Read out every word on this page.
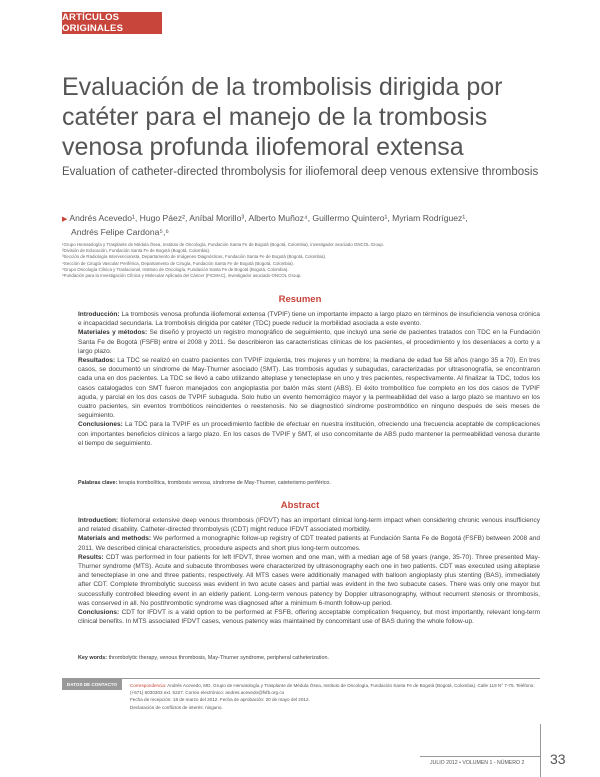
ARTÍCULOS ORIGINALES
Evaluación de la trombolisis dirigida por catéter para el manejo de la trombosis venosa profunda iliofemoral extensa
Evaluation of catheter-directed thrombolysis for iliofemoral deep venous extensive thrombosis
▶ Andrés Acevedo¹, Hugo Páez², Aníbal Morillo³, Alberto Muñoz⁴, Guillermo Quintero¹, Myriam Rodríguez¹,
Andrés Felipe Cardona⁵,⁶
¹Grupo Hematología y Trasplante de Médula Ósea, Instituto de Oncología, Fundación Santa Fe de Bogotá (Bogotá, Colombia), investigador asociado ONCOL Group.
²División de Educación, Fundación Santa Fe de Bogotá (Bogotá, Colombia).
³Sección de Radiología Intervencionista, Departamento de Imágenes Diagnósticas, Fundación Santa Fe de Bogotá (Bogotá, Colombia).
⁴Sección de Cirugía Vascular Periférica, Departamento de Cirugía, Fundación Santa Fe de Bogotá (Bogotá, Colombia).
⁵Grupo Oncología Clínica y Traslacional, Instituto de Oncología, Fundación Santa Fe de Bogotá (Bogotá, Colombia).
⁶Fundación para la Investigación Clínica y Molecular Aplicada del Cáncer (FICMAC), investigador asociado ONCOL Group.
Resumen

Introducción: La trombosis venosa profunda iliofemoral extensa (TVPIF) tiene un importante impacto a largo plazo en términos de insuficiencia venosa crónica e incapacidad secundaria. La trombolisis dirigida por catéter (TDC) puede reducir la morbilidad asociada a este evento.

Materiales y métodos: Se diseñó y proyectó un registro monográfico de seguimiento, que incluyó una serie de pacientes tratados con TDC en la Fundación Santa Fe de Bogotá (FSFB) entre el 2008 y 2011. Se describieron las características clínicas de los pacientes, el procedimiento y los desenlaces a corto y a largo plazo.

Resultados: La TDC se realizó en cuatro pacientes con TVPIF izquierda, tres mujeres y un hombre; la mediana de edad fue 58 años (rango 35 a 70). En tres casos, se documentó un síndrome de May-Thurner asociado (SMT). Las trombosis agudas y subagudas, caracterizadas por ultrasonografía, se encontraron cada una en dos pacientes. La TDC se llevó a cabo utilizando alteplase y tenecteplase en uno y tres pacientes, respectivamente. Al finalizar la TDC, todos los casos catalogados con SMT fueron manejados con angioplastia por balón más stent (ABS). El éxito trombolítico fue completo en los dos casos de TVPIF aguda, y parcial en los dos casos de TVPIF subaguda. Solo hubo un evento hemorrágico mayor y la permeabilidad del vaso a largo plazo se mantuvo en los cuatro pacientes, sin eventos trombóticos reincidentes o reestenosis. No se diagnosticó síndrome postrombótico en ninguno después de seis meses de seguimiento.

Conclusiones: La TDC para la TVPIF es un procedimiento factible de efectuar en nuestra institución, ofreciendo una frecuencia aceptable de complicaciones con importantes beneficios clínicos a largo plazo. En los casos de TVPIF y SMT, el uso concomitante de ABS pudo mantener la permeabilidad venosa durante el tiempo de seguimiento.

Palabras clave: terapia trombolítica, trombosis venosa, síndrome de May-Thurner, cateterismo periférico.
Abstract

Introduction: Iliofemoral extensive deep venous thrombosis (IFDVT) has an important clinical long-term impact when considering chronic venous insufficiency and related disability. Catheter-directed thrombolysis (CDT) might reduce IFDVT associated morbidity.

Materials and methods: We performed a monographic follow-up registry of CDT treated patients at Fundación Santa Fe de Bogotá (FSFB) between 2008 and 2011. We described clinical characteristics, procedure aspects and short plus long-term outcomes.

Results: CDT was performed in four patients for left IFDVT, three women and one man, with a median age of 58 years (range, 35-70). Three presented May-Thurner syndrome (MTS). Acute and subacute thromboses were characterized by ultrasonography each one in two patients. CDT was executed using alteplase and tenecteplase in one and three patients, respectively. All MTS cases were additionally managed with balloon angioplasty plus stenting (BAS), immediately after CDT. Complete thrombolytic success was evident in two acute cases and partial was evident in the two subacute cases. There was only one mayor but successfully controlled bleeding event in an elderly patient. Long-term venous patency by Doppler ultrasonography, without recurrent stenosis or thrombosis, was conserved in all. No postthrombotic syndrome was diagnosed after a minimum 6-month follow-up period.

Conclusions: CDT for IFDVT is a valid option to be performed at FSFB, offering acceptable complication frequency, but most importantly, relevant long-term clinical benefits. In MTS associated IFDVT cases, venous patency was maintained by concomitant use of BAS during the whole follow-up.

Key words: thrombolytic therapy, venous thrombosis, May-Thurner syndrome, peripheral catheterization.
DATOS DE CONTACTO	Correspondencia: Andrés Acevedo, MD. Grupo de Hematología y Trasplante de Médula Ósea, Instituto de Oncología, Fundación Santa Fe de Bogotá (Bogotá, Colombia). Calle 119 N° 7-75. Teléfono: (+571) 6030303 ext. 5227. Correo electrónico: andres.acevedo@fsfb.org.co
Fecha de recepción: 18 de marzo del 2012. Fecha de aprobación: 20 de mayo del 2012.
Declaración de conflictos de interés: ninguno.
JULIO 2012 • VOLUMEN 1 - NÚMERO 2 33
